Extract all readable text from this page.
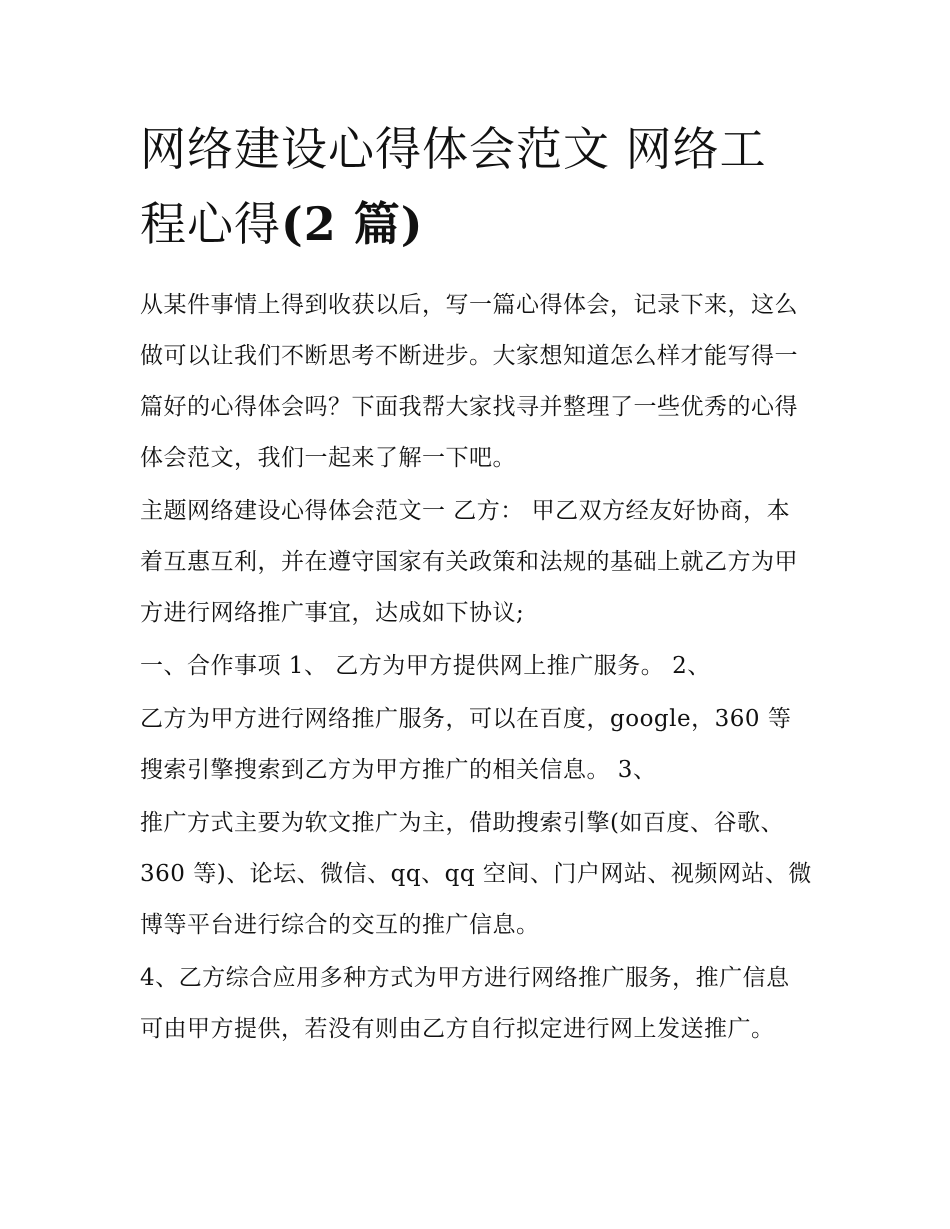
网络建设心得体会范文 网络工程心得(2 篇)

从某件事情上得到收获以后，写一篇心得体会，记录下来，这么做可以让我们不断思考不断进步。大家想知道怎么样才能写得一篇好的心得体会吗？下面我帮大家找寻并整理了一些优秀的心得体会范文，我们一起来了解一下吧。

主题网络建设心得体会范文一 乙方： 甲乙双方经友好协商，本着互惠互利，并在遵守国家有关政策和法规的基础上就乙方为甲方进行网络推广事宜，达成如下协议;

一、合作事项 1、 乙方为甲方提供网上推广服务。 2、

乙方为甲方进行网络推广服务，可以在百度，google，360 等搜索引擎搜索到乙方为甲方推广的相关信息。 3、

推广方式主要为软文推广为主，借助搜索引擎(如百度、谷歌、360 等)、论坛、微信、qq、qq 空间、门户网站、视频网站、微博等平台进行综合的交互的推广信息。

4、乙方综合应用多种方式为甲方进行网络推广服务，推广信息可由甲方提供，若没有则由乙方自行拟定进行网上发送推广。
